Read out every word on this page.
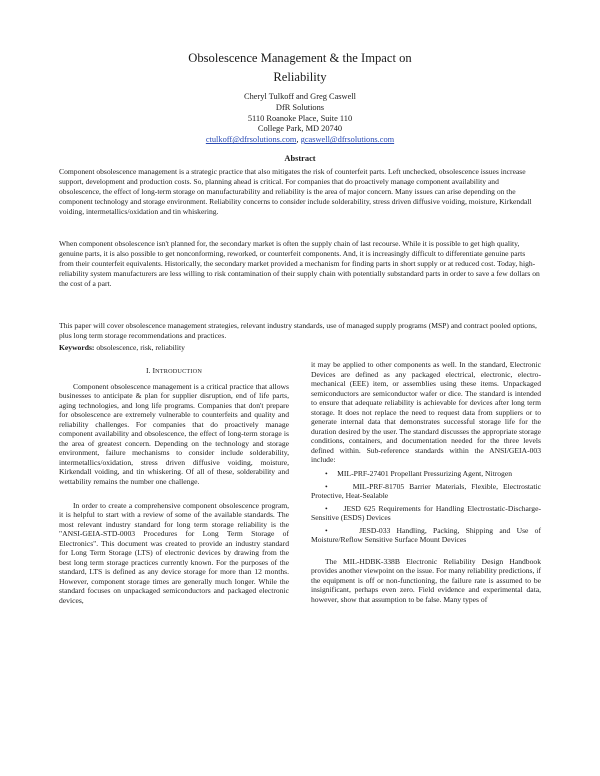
Obsolescence Management & the Impact on
Reliability
Cheryl Tulkoff and Greg Caswell
DfR Solutions
5110 Roanoke Place, Suite 110
College Park, MD 20740
ctulkoff@dfrsolutions.com, gcaswell@dfrsolutions.com
Abstract

Component obsolescence management is a strategic practice that also mitigates the risk of counterfeit parts. Left unchecked, obsolescence issues increase support, development and production costs. So, planning ahead is critical. For companies that do proactively manage component availability and obsolescence, the effect of long-term storage on manufacturability and reliability is the area of major concern. Many issues can arise depending on the component technology and storage environment. Reliability concerns to consider include solderability, stress driven diffusive voiding, moisture, Kirkendall voiding, intermetallics/oxidation and tin whiskering.

When component obsolescence isn't planned for, the secondary market is often the supply chain of last recourse. While it is possible to get high quality, genuine parts, it is also possible to get nonconforming, reworked, or counterfeit components. And, it is increasingly difficult to differentiate genuine parts from their counterfeit equivalents. Historically, the secondary market provided a mechanism for finding parts in short supply or at reduced cost. Today, high-reliability system manufacturers are less willing to risk contamination of their supply chain with potentially substandard parts in order to save a few dollars on the cost of a part.

This paper will cover obsolescence management strategies, relevant industry standards, use of managed supply programs (MSP) and contract pooled options, plus long term storage recommendations and practices.

Keywords: obsolescence, risk, reliability

I. INTRODUCTION

Component obsolescence management is a critical practice that allows businesses to anticipate & plan for supplier disruption, end of life parts, aging technologies, and long life programs. Companies that don't prepare for obsolescence are extremely vulnerable to counterfeits and quality and reliability challenges. For companies that do proactively manage component availability and obsolescence, the effect of long-term storage is the area of greatest concern. Depending on the technology and storage environment, failure mechanisms to consider include solderability, intermetallics/oxidation, stress driven diffusive voiding, moisture, Kirkendall voiding, and tin whiskering. Of all of these, solderability and wettability remains the number one challenge.

In order to create a comprehensive component obsolescence program, it is helpful to start with a review of some of the available standards. The most relevant industry standard for long term storage reliability is the "ANSI-GEIA-STD-0003 Procedures for Long Term Storage of Electronics". This document was created to provide an industry standard for Long Term Storage (LTS) of electronic devices by drawing from the best long term storage practices currently known. For the purposes of the standard, LTS is defined as any device storage for more than 12 months. However, component storage times are generally much longer. While the standard focuses on unpackaged semiconductors and packaged electronic devices,

it may be applied to other components as well. In the standard, Electronic Devices are defined as any packaged electrical, electronic, electro-mechanical (EEE) item, or assemblies using these items. Unpackaged semiconductors are semiconductor wafer or dice. The standard is intended to ensure that adequate reliability is achievable for devices after long term storage. It does not replace the need to request data from suppliers or to generate internal data that demonstrates successful storage life for the duration desired by the user. The standard discusses the appropriate storage conditions, containers, and documentation needed for the three levels defined within. Sub-reference standards within the ANSI/GEIA-003 include:

• MIL-PRF-27401 Propellant Pressurizing Agent, Nitrogen

•	MIL-PRF-81705 Barrier Materials, Flexible, Electrostatic Protective, Heat-Sealable

• JESD 625 Requirements for Handling Electrostatic-Discharge-Sensitive (ESDS) Devices

•	JESD-033 Handling, Packing, Shipping and Use of Moisture/Reflow Sensitive Surface Mount Devices

The MIL-HDBK-338B Electronic Reliability Design Handbook provides another viewpoint on the issue. For many reliability predictions, if the equipment is off or non-functioning, the failure rate is assumed to be insignificant, perhaps even zero. Field evidence and experimental data, however, show that assumption to be false. Many types of
